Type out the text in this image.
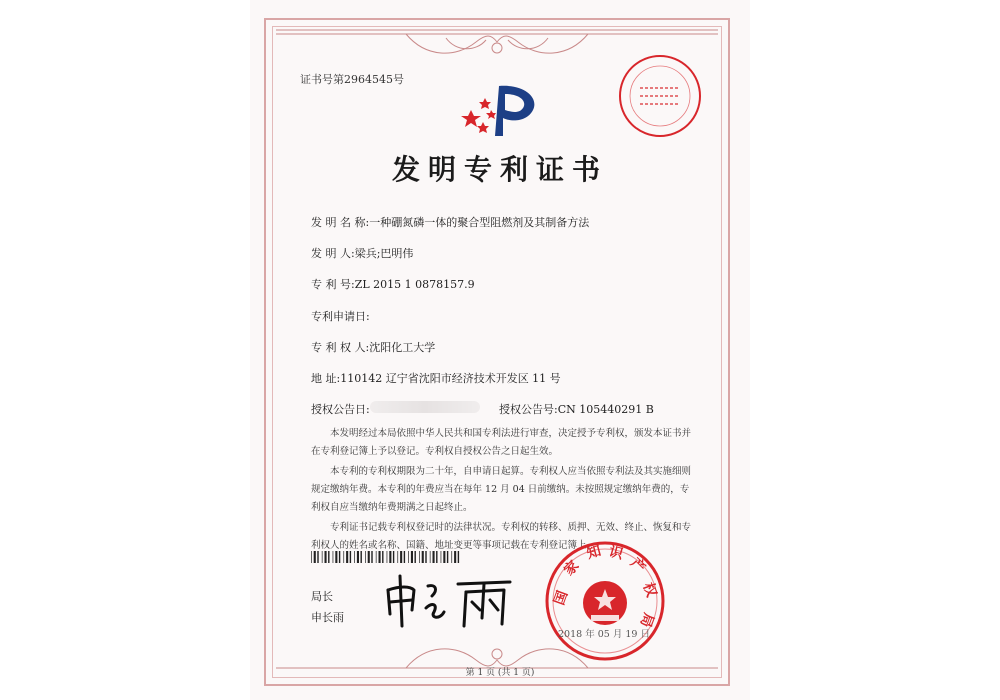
证书号第2964545号
发明专利证书
发 明 名 称:一种硼氮磷一体的聚合型阻燃剂及其制备方法
发 明 人:梁兵;巴明伟
专 利 号:ZL 2015 1 0878157.9
专利申请日:
专 利 权 人:沈阳化工大学
地 址:110142 辽宁省沈阳市经济技术开发区 11 号
授权公告日:	授权公告号:CN 105440291 B

本发明经过本局依照中华人民共和国专利法进行审查，决定授予专利权，颁发本证书并在专利登记簿上予以登记。专利权自授权公告之日起生效。

本专利的专利权期限为二十年，自申请日起算。专利权人应当依照专利法及其实施细则规定缴纳年费。本专利的年费应当在每年 12 月 04 日前缴纳。未按照规定缴纳年费的，专利权自应当缴纳年费期满之日起终止。

专利证书记载专利权登记时的法律状况。专利权的转移、质押、无效、终止、恢复和专利权人的姓名或名称、国籍、地址变更等事项记载在专利登记簿上。

局长
申长雨
国
家
知 识
产
权
局
2018 年 05 月 19 日
第 1 页 (共 1 页)
